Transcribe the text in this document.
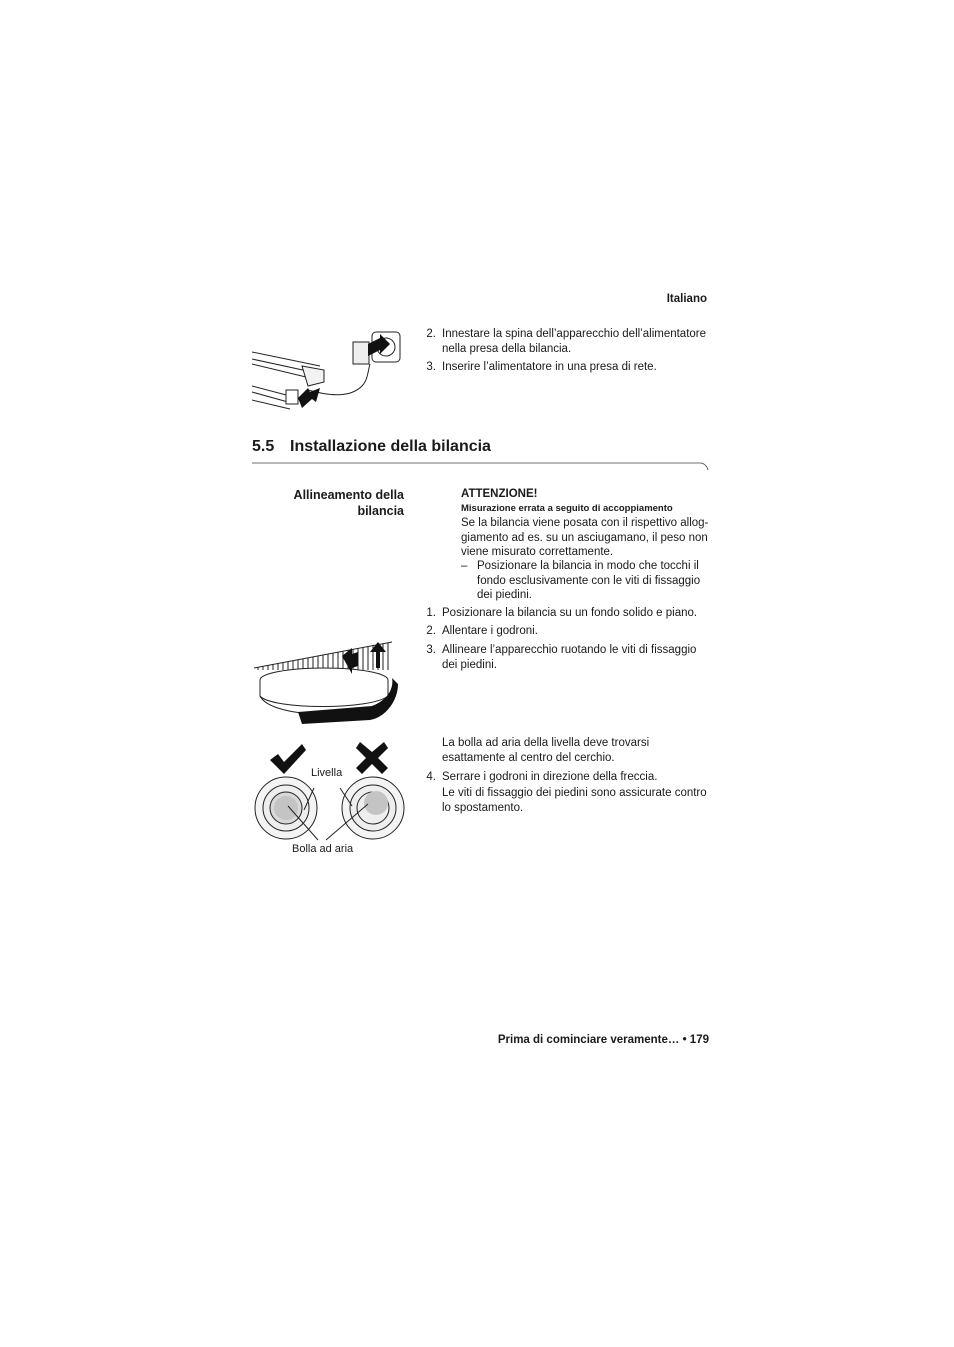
Italiano
2. Innestare la spina dell’apparecchio dell’alimentatore nella presa della bilancia.
3. Inserire l’alimentatore in una presa di rete.
5.5 Installazione della bilancia
Allineamento della bilancia
ATTENZIONE!
Misurazione errata a seguito di accoppiamento
Se la bilancia viene posata con il rispettivo allog-giamento ad es. su un asciugamano, il peso non viene misurato correttamente.
– Posizionare la bilancia in modo che tocchi il fondo esclusivamente con le viti di fissaggio dei piedini.
1. Posizionare la bilancia su un fondo solido e piano.
2. Allentare i godroni.
3. Allineare l’apparecchio ruotando le viti di fissaggio dei piedini.
La bolla ad aria della livella deve trovarsi esattamente al centro del cerchio.
4. Serrare i godroni in direzione della freccia.
Le viti di fissaggio dei piedini sono assicurate contro lo spostamento.
Livella
Bolla ad aria
Prima di cominciare veramente… • 179
